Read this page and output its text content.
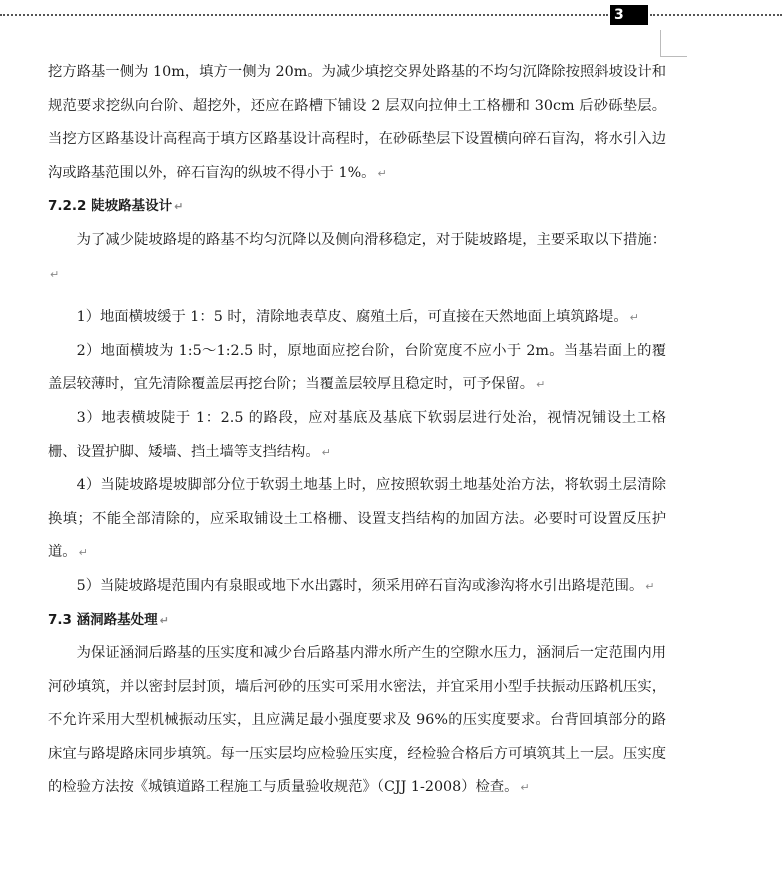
3

挖方路基一侧为 10m，填方一侧为 20m。为减少填挖交界处路基的不均匀沉降除按照斜坡设计和规范要求挖纵向台阶、超挖外，还应在路槽下铺设 2 层双向拉伸土工格栅和 30cm 后砂砾垫层。当挖方区路基设计高程高于填方区路基设计高程时，在砂砾垫层下设置横向碎石盲沟，将水引入边沟或路基范围以外，碎石盲沟的纵坡不得小于 1%。 ↵

7.2.2 陡坡路基设计 ↵

为了减少陡坡路堤的路基不均匀沉降以及侧向滑移稳定，对于陡坡路堤，主要采取以下措施：↵

1）地面横坡缓于 1：5 时，清除地表草皮、腐殖土后，可直接在天然地面上填筑路堤。 ↵

2）地面横坡为 1:5～1:2.5 时，原地面应挖台阶，台阶宽度不应小于 2m。当基岩面上的覆盖层较薄时，宜先清除覆盖层再挖台阶；当覆盖层较厚且稳定时，可予保留。 ↵

3）地表横坡陡于 1：2.5 的路段，应对基底及基底下软弱层进行处治，视情况铺设土工格栅、设置护脚、矮墙、挡土墙等支挡结构。 ↵

4）当陡坡路堤坡脚部分位于软弱土地基上时，应按照软弱土地基处治方法，将软弱土层清除换填；不能全部清除的，应采取铺设土工格栅、设置支挡结构的加固方法。必要时可设置反压护道。 ↵

5）当陡坡路堤范围内有泉眼或地下水出露时，须采用碎石盲沟或渗沟将水引出路堤范围。 ↵

7.3 涵洞路基处理 ↵

为保证涵洞后路基的压实度和减少台后路基内滞水所产生的空隙水压力，涵洞后一定范围内用河砂填筑，并以密封层封顶，墙后河砂的压实可采用水密法，并宜采用小型手扶振动压路机压实，不允许采用大型机械振动压实，且应满足最小强度要求及 96%的压实度要求。台背回填部分的路床宜与路堤路床同步填筑。每一压实层均应检验压实度，经检验合格后方可填筑其上一层。压实度的检验方法按《城镇道路工程施工与质量验收规范》（CJJ 1-2008）检查。 ↵
